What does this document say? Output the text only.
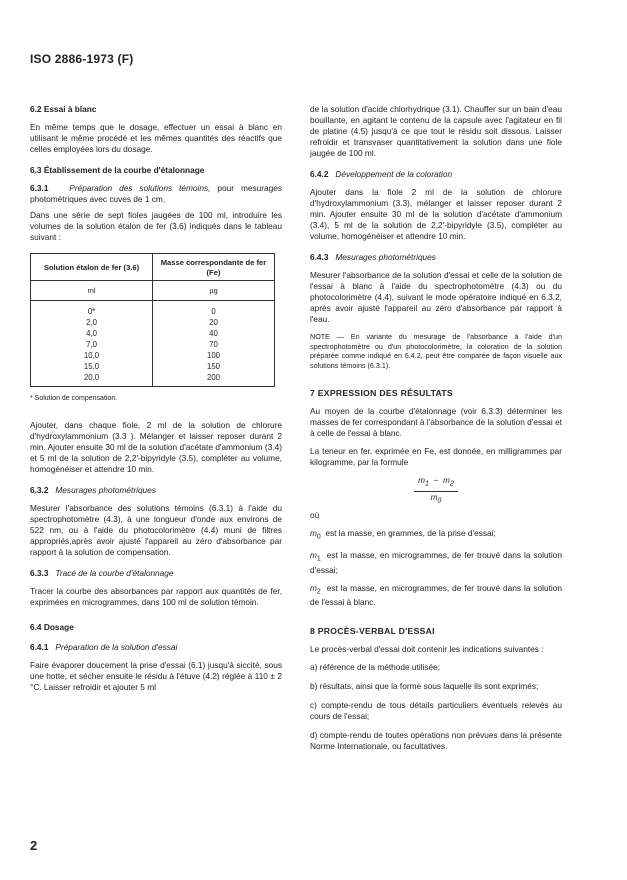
ISO 2886-1973 (F)
6.2 Essai à blanc

En même temps que le dosage, effectuer un essai à blanc en utilisant le même procédé et les mêmes quantités des réactifs que celles employées lors du dosage.

6.3 Établissement de la courbe d'étalonnage

6.3.1	Préparation des solutions témoins, pour mesurages photométriques avec cuves de 1 cm.

Dans une série de sept fioles jaugées de 100 ml, introduire les volumes de la solution étalon de fer (3.6) indiqués dans le tableau suivant :

Solution étalon de fer (3.6)	Masse correspondante de fer (Fe)
ml	µg
0*	0
2,0	20
4,0	40
7,0	70
10,0	100
15,0	150
20,0	200
* Solution de compensation.

Ajouter, dans chaque fiole, 2 ml de la solution de chlorure d'hydroxylammonium (3.3 ). Mélanger et laisser reposer durant 2 min. Ajouter ensuite 30 ml de la solution d'acétate d'ammonium (3.4) et 5 ml de la solution de 2,2'-bipyridyle (3.5), compléter au volume, homogénéiser et attendre 10 min.

6.3.2 Mesurages photométriques

Mesurer l'absorbance des solutions témoins (6.3.1) à l'aide du spectrophotomètre (4.3), à une longueur d'onde aux environs de 522 nm, ou à l'aide du photocolorimètre (4.4) muni de filtres appropriés,après avoir ajusté l'appareil au zéro d'absorbance par rapport à la solution de compensation.

6.3.3 Tracé de la courbe d'étalonnage

Tracer la courbe des absorbances par rapport aux quantités de fer, exprimées en microgrammes, dans 100 ml de solution témoin.

6.4 Dosage

6.4.1 Préparation de la solution d'essai

Faire évaporer doucement la prise d'essai (6.1) jusqu'à siccité, sous une hotte, et sécher ensuite le résidu à l'étuve (4.2) réglée à 110 ± 2 °C. Laisser refroidir et ajouter 5 ml

de la solution d'acide chlorhydrique (3.1). Chauffer sur un bain d'eau bouillante, en agitant le contenu de la capsule avec l'agitateur en fil de platine (4.5) jusqu'à ce que tout le résidu soit dissous. Laisser refroidir et transvaser quantitativement la solution dans une fiole jaugée de 100 ml.

6.4.2 Développement de la coloration

Ajouter dans la fiole 2 ml de la solution de chlorure d'hydroxylammonium (3.3), mélanger et laisser reposer durant 2 min. Ajouter ensuite 30 ml de la solution d'acétate d'ammonium (3.4), 5 ml de la solution de 2,2'-bipyridyle (3.5), compléter au volume, homogénéiser et attendre 10 min.

6.4.3 Mesurages photométriques

Mesurer l'absorbance de la solution d'essai et celle de la solution de l'essai à blanc à l'aide du spectrophotomètre (4.3) ou du photocolorimètre (4.4), suivant le mode opératoire indiqué en 6.3.2, après avoir ajusté l'appareil au zéro d'absorbance par rapport à l'eau.

NOTE — En variante du mesurage de l'absorbance à l'aide d'un spectrophotomètre ou d'un photocolorimètre, la coloration de la solution préparée comme indiqué en 6.4.2, peut être comparée de façon visuelle aux solutions témoins (6.3.1).

7 EXPRESSION DES RÉSULTATS

Au moyen de la courbe d'étalonnage (voir 6.3.3) déterminer les masses de fer correspondant à l'absorbance de la solution d'essai et à celle de l'essai à blanc.

La teneur en fer, exprimée en Fe, est donnée, en milligrammes par kilogramme, par la formule

$\frac{m_1 - m_2}{m_0}$

où

$m_0$ est la masse, en grammes, de la prise d'essai;

$m_1$ est la masse, en microgrammes, de fer trouvé dans la solution d'essai;

$m_2$ est la masse, en microgrammes, de fer trouvé dans la solution de l'essai à blanc.

8 PROCÈS-VERBAL D'ESSAI

Le procès-verbal d'essai doit contenir les indications suivantes :

a) référence de la méthode utilisée;

b) résultats, ainsi que la forme sous laquelle ils sont exprimés;

c) compte-rendu de tous détails particuliers éventuels relevés au cours de l'essai;

d) compte-rendu de toutes opérations non prévues dans la présente Norme Internationale, ou facultatives.

2
